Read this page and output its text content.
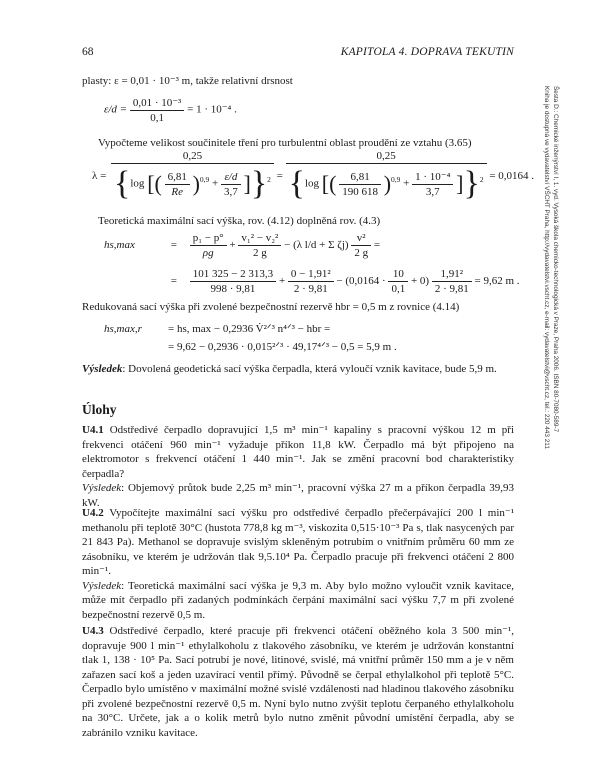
68	KAPITOLA 4. DOPRAVA TEKUTIN
Šesta D.: Chemické inženýrství I, 1. vyd. Vysoká škola chemicko-technologická v Praze, Praha 2006. ISBN 80-7080-589-7
Kniha je dostupná ve vydavatelství VŠCHT Praha, http://vydavatelstvi.vscht.cz, e-mail: vydavatelstvi@vscht.cz, tel.: 220 443 211
plasty: ε = 0,01 · 10⁻³ m, takže relativní drsnost
$\varepsilon/d = \frac{\text{0,01 · 10⁻³}}{0,1} = 1 \cdot 10^{-4}$ .
Vypočteme velikost součinitele tření pro turbulentní oblast proudění ze vztahu (3.65)
λ =
0,25
{log [( $\frac{6,81}{Re} )^{0,9} + \frac{\varepsilon/d}{3,7} ]\}^2$ =
0,25
{log [( $\frac{6,81}{190 618} )^{0,9} + \frac{\text{1 · 10⁻⁴}}{3,7} ]\}^2 = 0,0164$ .
Teoretická maximální sací výška, rov. (4.12) doplněná rov. (4.3)
hs,max	= $\frac{\text{p₁ − p°}}{\rho g} + \frac{\text{v₁² − v₂²}}{2 g} - (\lambda$ l/d + Σ $\zeta j) \frac{\text{v²}}{2 g}$ =
= $\frac{101 325 - 2 313,3}{998 \cdot 9,81} + \frac{\text{0 − 1,91²}}{2 \cdot 9,81} - (0,0164 \cdot \frac{10}{0,1} + 0) \frac{\text{1,91²}}{2 \cdot 9,81} = 9,62$ m .
Redukovaná sací výška při zvolené bezpečnostní rezervě hbr = 0,5 m z rovnice (4.14)
hs,max,r = hs, max − 0,2936 V̇²ᐟ³ n⁴ᐟ³ − hbr =
= 9,62 − 0,2936 · 0,015²ᐟ³ · 49,17⁴ᐟ³ − 0,5 = 5,9 m .
Výsledek: Dovolená geodetická sací výška čerpadla, která vyloučí vznik kavitace, bude 5,9 m.
Úlohy
U4.1 Odstředivé čerpadlo dopravující 1,5 m³ min⁻¹ kapaliny s pracovní výškou 12 m při frekvenci otáčení 960 min⁻¹ vyžaduje příkon 11,8 kW. Čerpadlo má být připojeno na elektromotor s frekvencí otáčení 1 440 min⁻¹. Jak se změní pracovní bod charakteristiky čerpadla?
Výsledek: Objemový průtok bude 2,25 m³ min⁻¹, pracovní výška 27 m a příkon čerpadla 39,93 kW.
U4.2 Vypočítejte maximální sací výšku pro odstředivé čerpadlo přečerpávající 200 l min⁻¹ methanolu při teplotě 30°C (hustota 778,8 kg m⁻³, viskozita 0,515·10⁻³ Pa s, tlak nasycených par 21 843 Pa). Methanol se dopravuje svislým skleněným potrubím o vnitřním průměru 60 mm ze zásobníku, ve kterém je udržován tlak 9,5.10⁴ Pa. Čerpadlo pracuje při frekvenci otáčení 2 800 min⁻¹.
Výsledek: Teoretická maximální sací výška je 9,3 m. Aby bylo možno vyloučit vznik kavitace, může mít čerpadlo při zadaných podmínkách čerpání maximální sací výšku 7,7 m při zvolené bezpečnostní rezervě 0,5 m.
U4.3 Odstředivé čerpadlo, které pracuje při frekvenci otáčení oběžného kola 3 500 min⁻¹, dopravuje 900 l min⁻¹ ethylalkoholu z tlakového zásobníku, ve kterém je udržován konstantní tlak 1, 138 · 10⁵ Pa. Sací potrubí je nové, litinové, svislé, má vnitřní průměr 150 mm a je v něm zařazen sací koš a jeden uzavírací ventil přímý. Původně se čerpal ethylalkohol při teplotě 5°C. Čerpadlo bylo umístěno v maximální možné svislé vzdálenosti nad hladinou tlakového zásobníku při zvolené bezpečnostní rezervě 0,5 m. Nyní bylo nutno zvýšit teplotu čerpaného ethylalkoholu na 30°C. Určete, jak a o kolik metrů bylo nutno změnit původní umístění čerpadla, aby se zabránilo vzniku kavitace.
